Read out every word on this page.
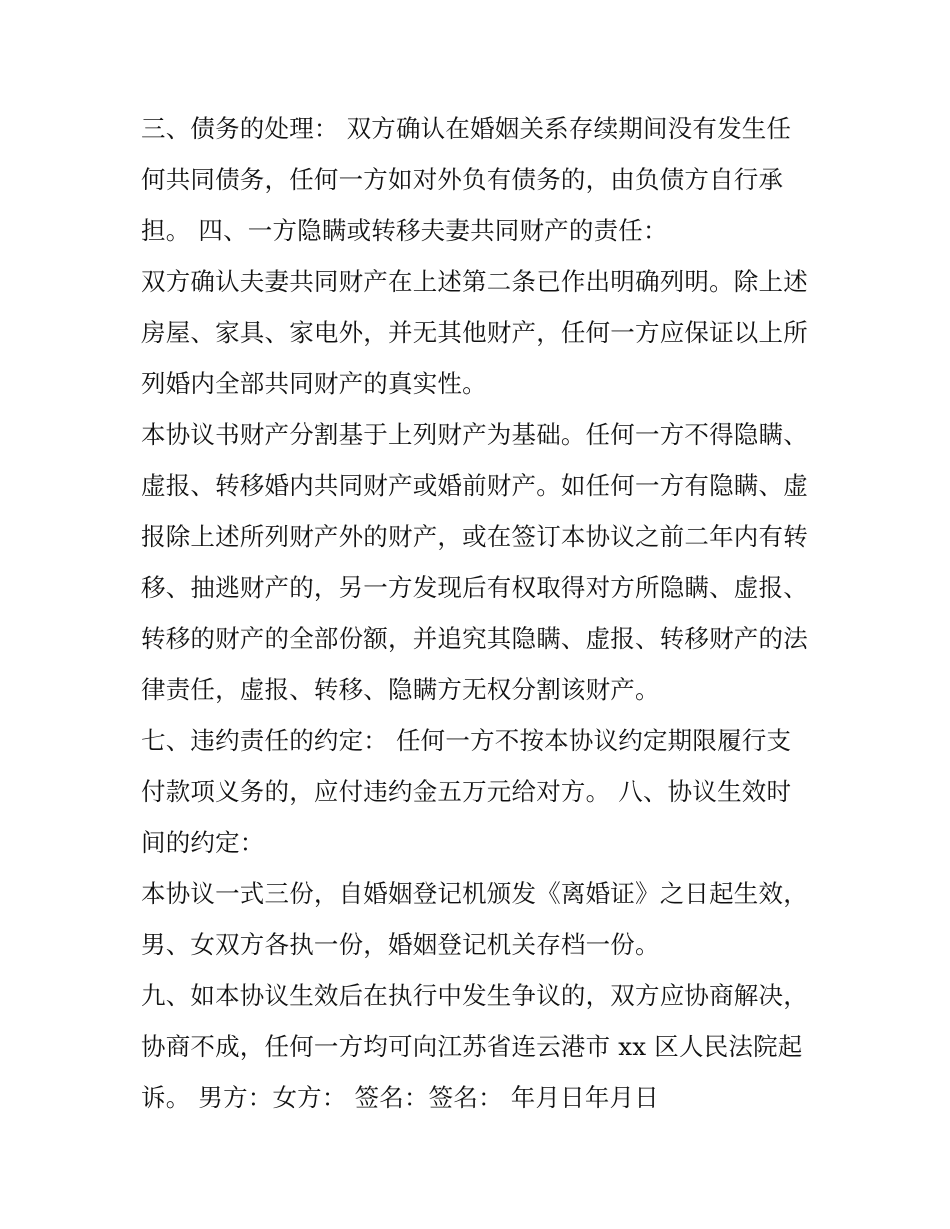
三、债务的处理： 双方确认在婚姻关系存续期间没有发生任
何共同债务，任何一方如对外负有债务的，由负债方自行承
担。 四、一方隐瞒或转移夫妻共同财产的责任：
双方确认夫妻共同财产在上述第二条已作出明确列明。除上述
房屋、家具、家电外，并无其他财产，任何一方应保证以上所
列婚内全部共同财产的真实性。
本协议书财产分割基于上列财产为基础。任何一方不得隐瞒、
虚报、转移婚内共同财产或婚前财产。如任何一方有隐瞒、虚
报除上述所列财产外的财产，或在签订本协议之前二年内有转
移、抽逃财产的，另一方发现后有权取得对方所隐瞒、虚报、
转移的财产的全部份额，并追究其隐瞒、虚报、转移财产的法
律责任，虚报、转移、隐瞒方无权分割该财产。
七、违约责任的约定： 任何一方不按本协议约定期限履行支
付款项义务的，应付违约金五万元给对方。 八、协议生效时
间的约定：
本协议一式三份，自婚姻登记机颁发《离婚证》之日起生效，
男、女双方各执一份，婚姻登记机关存档一份。
九、如本协议生效后在执行中发生争议的，双方应协商解决，
协商不成，任何一方均可向江苏省连云港市 xx 区人民法院起
诉。 男方：女方： 签名：签名： 年月日年月日
